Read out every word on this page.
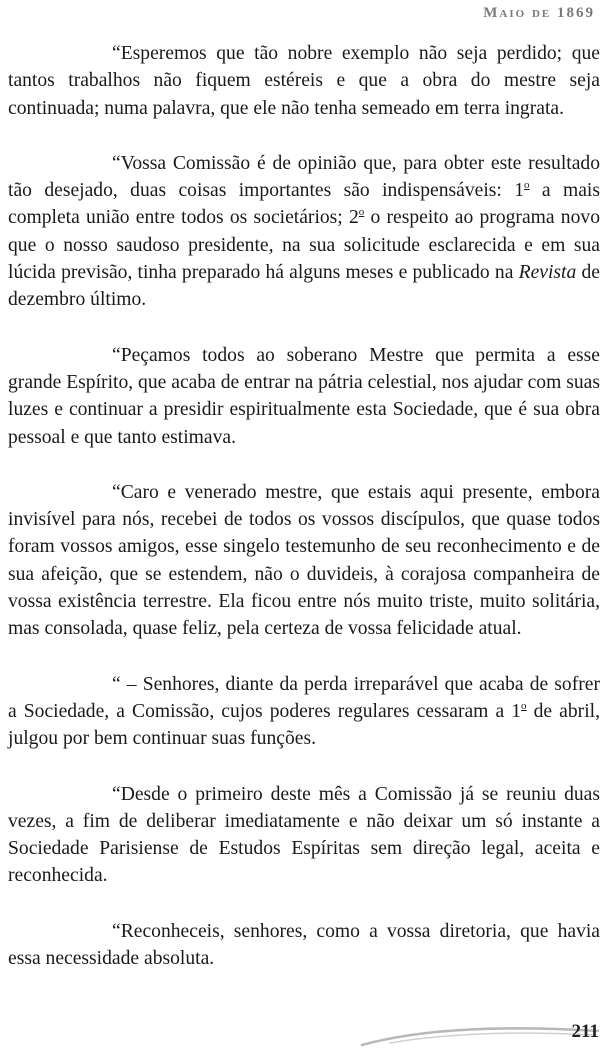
Maio de 1869

“Esperemos que tão nobre exemplo não seja perdido; que tantos trabalhos não fiquem estéreis e que a obra do mestre seja continuada; numa palavra, que ele não tenha semeado em terra ingrata.

“Vossa Comissão é de opinião que, para obter este resultado tão desejado, duas coisas importantes são indispensáveis: 1$^o$ a mais completa união entre todos os societários; 2$^o$ o respeito ao programa novo que o nosso saudoso presidente, na sua solicitude esclarecida e em sua lúcida previsão, tinha preparado há alguns meses e publicado na Revista de dezembro último.

“Peçamos todos ao soberano Mestre que permita a esse grande Espírito, que acaba de entrar na pátria celestial, nos ajudar com suas luzes e continuar a presidir espiritualmente esta Sociedade, que é sua obra pessoal e que tanto estimava.

“Caro e venerado mestre, que estais aqui presente, embora invisível para nós, recebei de todos os vossos discípulos, que quase todos foram vossos amigos, esse singelo testemunho de seu reconhecimento e de sua afeição, que se estendem, não o duvideis, à corajosa companheira de vossa existência terrestre. Ela ficou entre nós muito triste, muito solitária, mas consolada, quase feliz, pela certeza de vossa felicidade atual.

“ – Senhores, diante da perda irreparável que acaba de sofrer a Sociedade, a Comissão, cujos poderes regulares cessaram a 1$^o$ de abril, julgou por bem continuar suas funções.

“Desde o primeiro deste mês a Comissão já se reuniu duas vezes, a fim de deliberar imediatamente e não deixar um só instante a Sociedade Parisiense de Estudos Espíritas sem direção legal, aceita e reconhecida.

“Reconheceis, senhores, como a vossa diretoria, que havia essa necessidade absoluta.

211
